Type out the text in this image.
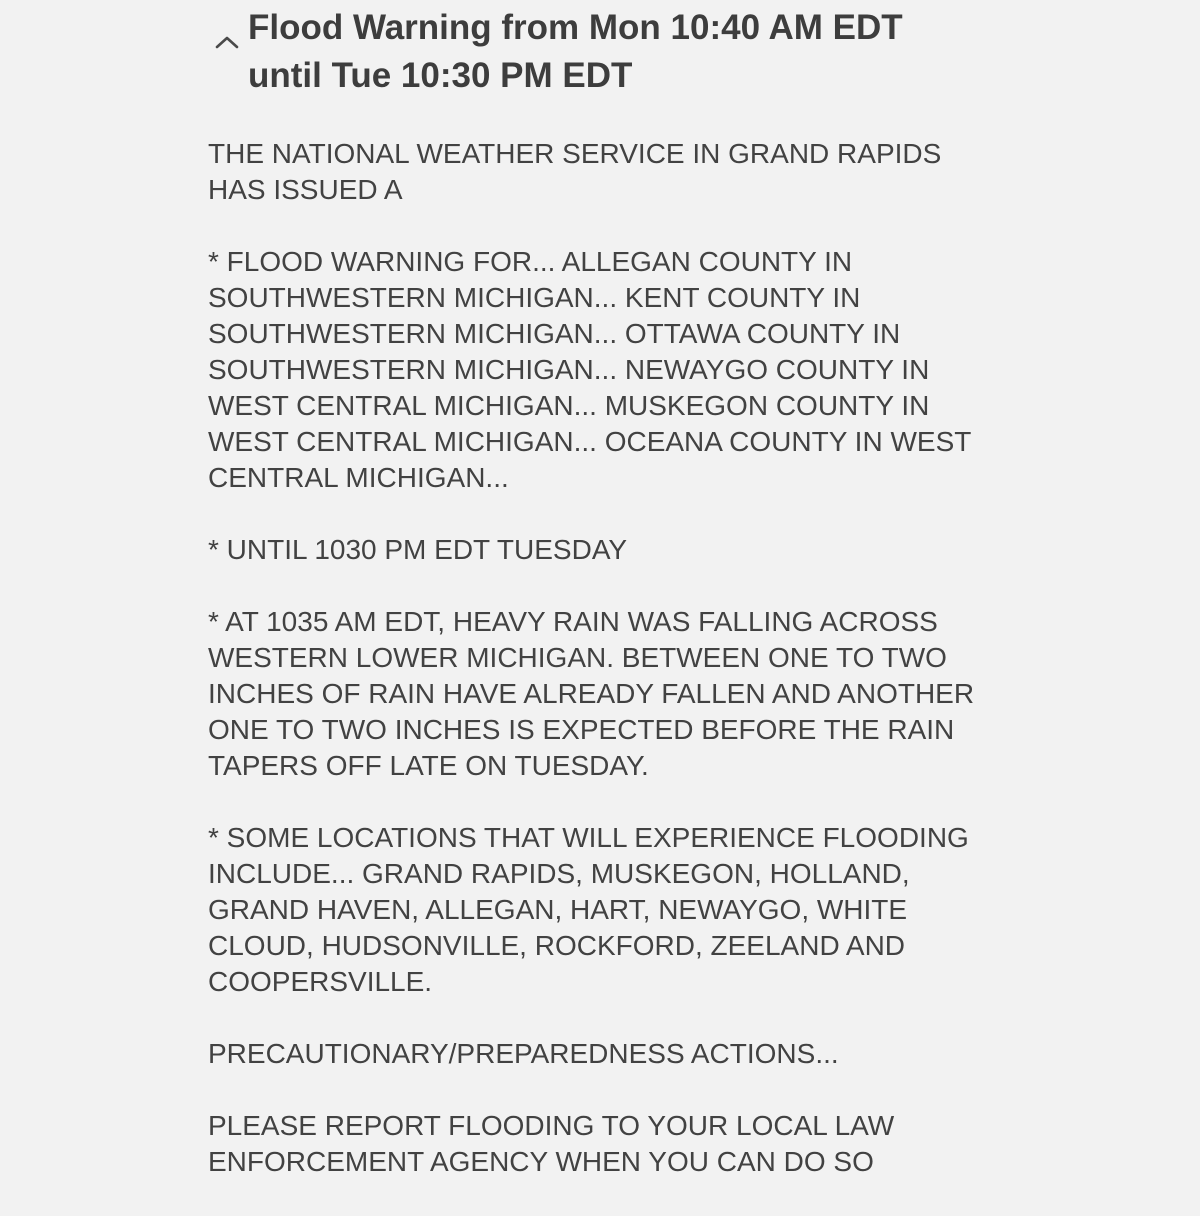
Flood Warning from Mon 10:40 AM EDT
until Tue 10:30 PM EDT

THE NATIONAL WEATHER SERVICE IN GRAND RAPIDS
HAS ISSUED A

* FLOOD WARNING FOR... ALLEGAN COUNTY IN
SOUTHWESTERN MICHIGAN... KENT COUNTY IN
SOUTHWESTERN MICHIGAN... OTTAWA COUNTY IN
SOUTHWESTERN MICHIGAN... NEWAYGO COUNTY IN
WEST CENTRAL MICHIGAN... MUSKEGON COUNTY IN
WEST CENTRAL MICHIGAN... OCEANA COUNTY IN WEST
CENTRAL MICHIGAN...

* UNTIL 1030 PM EDT TUESDAY

* AT 1035 AM EDT, HEAVY RAIN WAS FALLING ACROSS
WESTERN LOWER MICHIGAN. BETWEEN ONE TO TWO
INCHES OF RAIN HAVE ALREADY FALLEN AND ANOTHER
ONE TO TWO INCHES IS EXPECTED BEFORE THE RAIN
TAPERS OFF LATE ON TUESDAY.

* SOME LOCATIONS THAT WILL EXPERIENCE FLOODING
INCLUDE... GRAND RAPIDS, MUSKEGON, HOLLAND,
GRAND HAVEN, ALLEGAN, HART, NEWAYGO, WHITE
CLOUD, HUDSONVILLE, ROCKFORD, ZEELAND AND
COOPERSVILLE.

PRECAUTIONARY/PREPAREDNESS ACTIONS...

PLEASE REPORT FLOODING TO YOUR LOCAL LAW
ENFORCEMENT AGENCY WHEN YOU CAN DO SO
